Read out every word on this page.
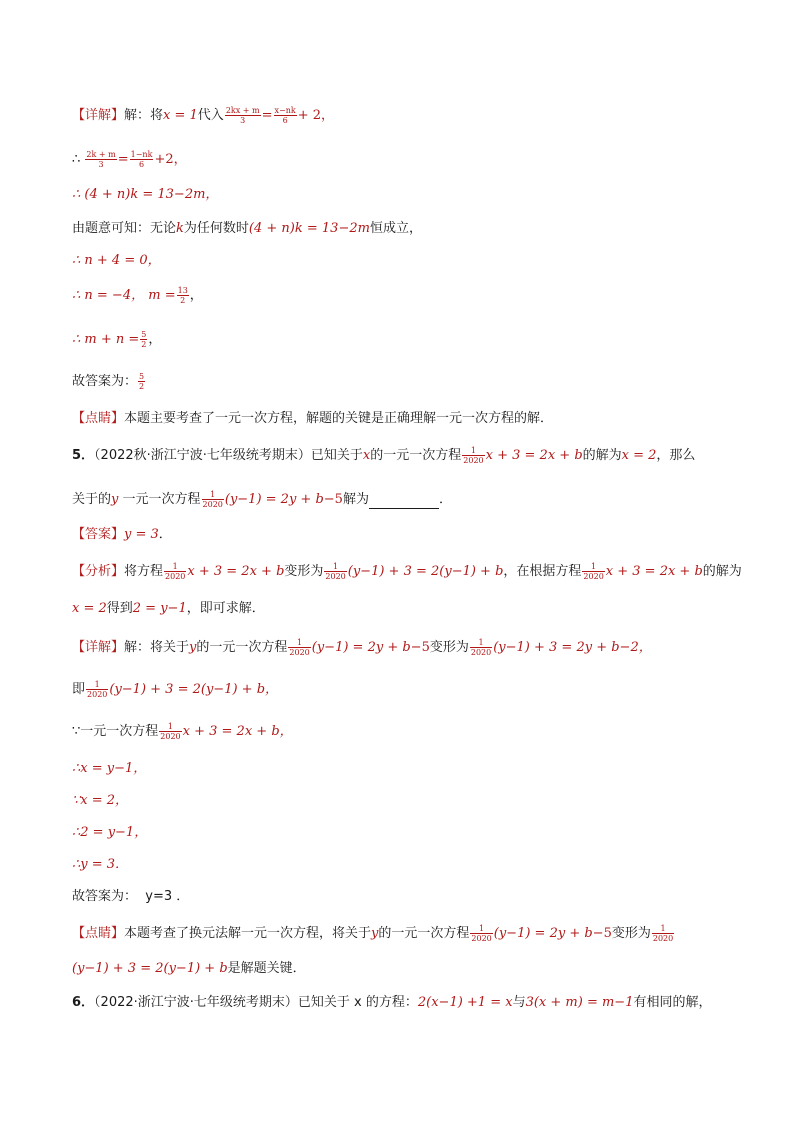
【详解】解：将x = 1代入 $\frac{2kx + m}{3} = \frac{x-nk}{6} + 2$，
∴ $\frac{2k + m}{3} = \frac{1-nk}{6} +2$，
∴ (4 + n)k = 13−2m，
由题意可知：无论k为任何数时(4 + n)k = 13−2m恒成立，
∴ n + 4 = 0，
∴ n = −4， $m = \frac{13}{2}$ ，
∴ $m + n = \frac{5}{2}$ ，
故答案为： $\frac{5}{2}$
【点睛】本题主要考查了一元一次方程，解题的关键是正确理解一元一次方程的解．
5．（2022秋·浙江宁波·七年级统考期末）已知关于x的一元一次方程 $\frac{1}{2020}$ x + 3 = 2x + b的解为x = 2，那么
关于的y 一元一次方程 $\frac{1}{2020} (y-1) = 2y + b-5$解为	．
【答案】y = 3．
【分析】将方程 $\frac{1}{2020}$ x + 3 = 2x + b变形为 $\frac{1}{2020} (y-1) + 3 = 2(y-1) + b$，在根据方程 $\frac{1}{2020}$ x + 3 = 2x + b的解为
x = 2得到2 = y−1，即可求解．
【详解】解：将关于y的一元一次方程 $\frac{1}{2020} (y-1) = 2y + b-5$变形为 $\frac{1}{2020} (y-1) + 3 = 2y + b-2$，
即 $\frac{1}{2020} (y-1) + 3 = 2(y-1) + b$，
∵一元一次方程 $\frac{1}{2020}$ x + 3 = 2x + b，
∴x = y−1，
∵x = 2，
∴2 = y−1，
∴y = 3．
故答案为： y=3 ．
【点睛】本题考查了换元法解一元一次方程，将关于y的一元一次方程 $\frac{1}{2020} (y-1) = 2y + b-5$变形为 $\frac{1}{2020}$
(y−1) + 3 = 2(y−1) + b是解题关键．
6．（2022·浙江宁波·七年级统考期末）已知关于 x 的方程：2(x−1) +1 = x与3(x + m) = m−1有相同的解，
